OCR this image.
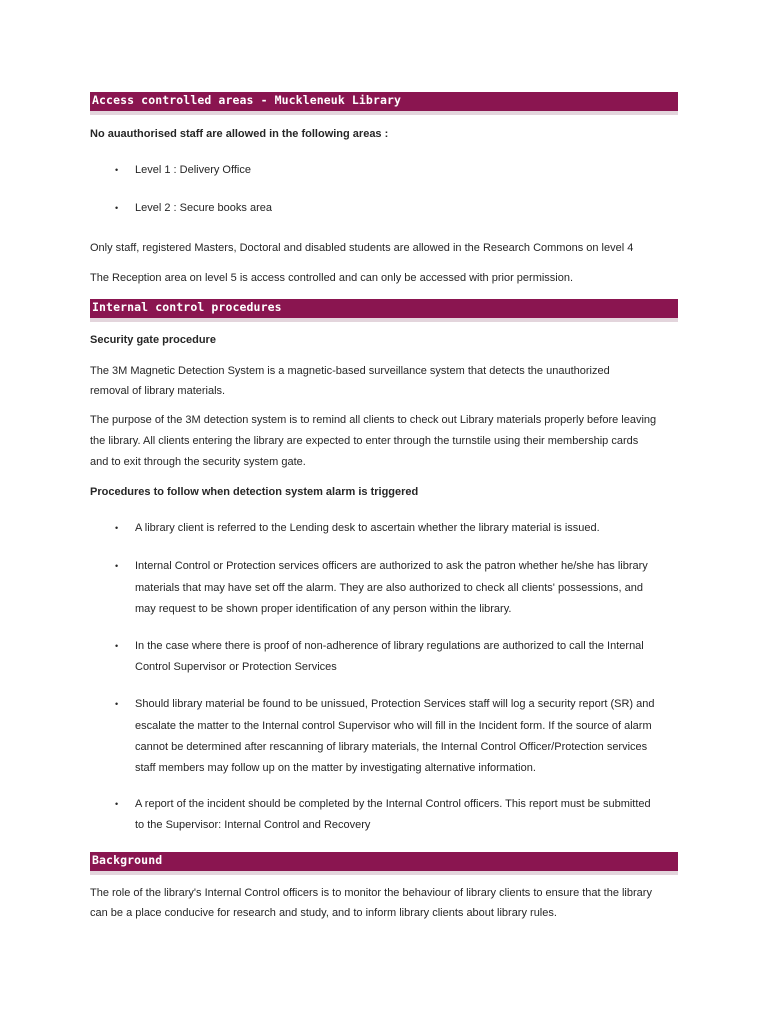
Access controlled areas - Muckleneuk Library
No auauthorised staff are allowed in the following areas :
• Level 1 : Delivery Office
• Level 2 : Secure books area
Only staff, registered Masters, Doctoral and disabled students are allowed in the Research Commons on level 4
The Reception area on level 5 is access controlled and can only be accessed with prior permission.
Internal control procedures
Security gate procedure
The 3M Magnetic Detection System is a magnetic-based surveillance system that detects the unauthorized
removal of library materials.
The purpose of the 3M detection system is to remind all clients to check out Library materials properly before leaving
the library. All clients entering the library are expected to enter through the turnstile using their membership cards
and to exit through the security system gate.
Procedures to follow when detection system alarm is triggered
• A library client is referred to the Lending desk to ascertain whether the library material is issued.
• Internal Control or Protection services officers are authorized to ask the patron whether he/she has library
materials that may have set off the alarm. They are also authorized to check all clients' possessions, and
may request to be shown proper identification of any person within the library.
• In the case where there is proof of non-adherence of library regulations are authorized to call the Internal
Control Supervisor or Protection Services
• Should library material be found to be unissued, Protection Services staff will log a security report (SR) and
escalate the matter to the Internal control Supervisor who will fill in the Incident form. If the source of alarm
cannot be determined after rescanning of library materials, the Internal Control Officer/Protection services
staff members may follow up on the matter by investigating alternative information.
• A report of the incident should be completed by the Internal Control officers. This report must be submitted
to the Supervisor: Internal Control and Recovery
Background
The role of the library's Internal Control officers is to monitor the behaviour of library clients to ensure that the library
can be a place conducive for research and study, and to inform library clients about library rules.
